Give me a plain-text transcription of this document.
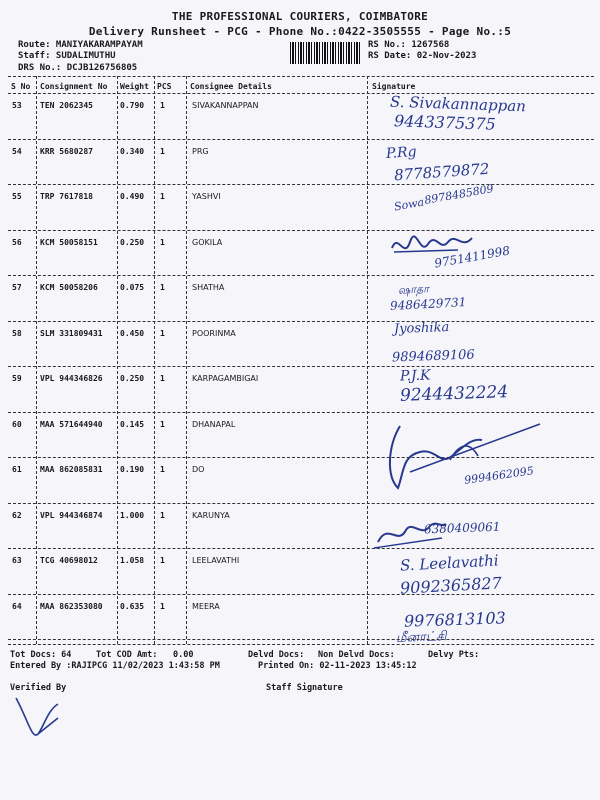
THE PROFESSIONAL COURIERS, COIMBATORE
Delivery Runsheet - PCG - Phone No.:0422-3505555 - Page No.:5
Route: MANIYAKARAMPAYAM
Staff: SUDALIMUTHU
DRS No.: DCJB126756805
RS No.: 1267568
RS Date: 02-Nov-2023
S No Consignment No Weight PCS Consignee Details	Signature
53 TEN 2062345	0.790 1	SIVAKANNAPPAN	S. Sivakannappan
9443375375
54 KRR 5680287	0.340 1	PRG	P.Rg
8778579872
55 TRP 7617818	0.490 1	YASHVI	Sowa
8978485809
56 KCM 50058151	0.250 1	GOKILA
9751411998
57 KCM 50058206	0.075 1	SHATHA	ஷாதா
9486429731
58 SLM 331809431 0.450 1	POORINMA	Jyoshika
9894689106
59 VPL 944346826 0.250 1	KARPAGAMBIGAI	P.J.K
9244432224
60 MAA 571644940 0.145 1	DHANAPAL
61 MAA 862085831 0.190 1	DO	9994662095
62 VPL 944346874 1.000 1	KARUNYA
6380409061
63 TCG 40698012	1.058 1	LEELAVATHI	S. Leelavathi
9092365827
64 MAA 862353080 0.635 1	MEERA
மீனாட்சி
9976813103
Tot Docs: 64	Tot COD Amt: 0.00	Delvd Docs: Non Delvd Docs:	Delvy Pts:
Entered By :RAJIPCG 11/02/2023 1:43:58 PM	Printed On: 02-11-2023 13:45:12
Verified By	Staff Signature
